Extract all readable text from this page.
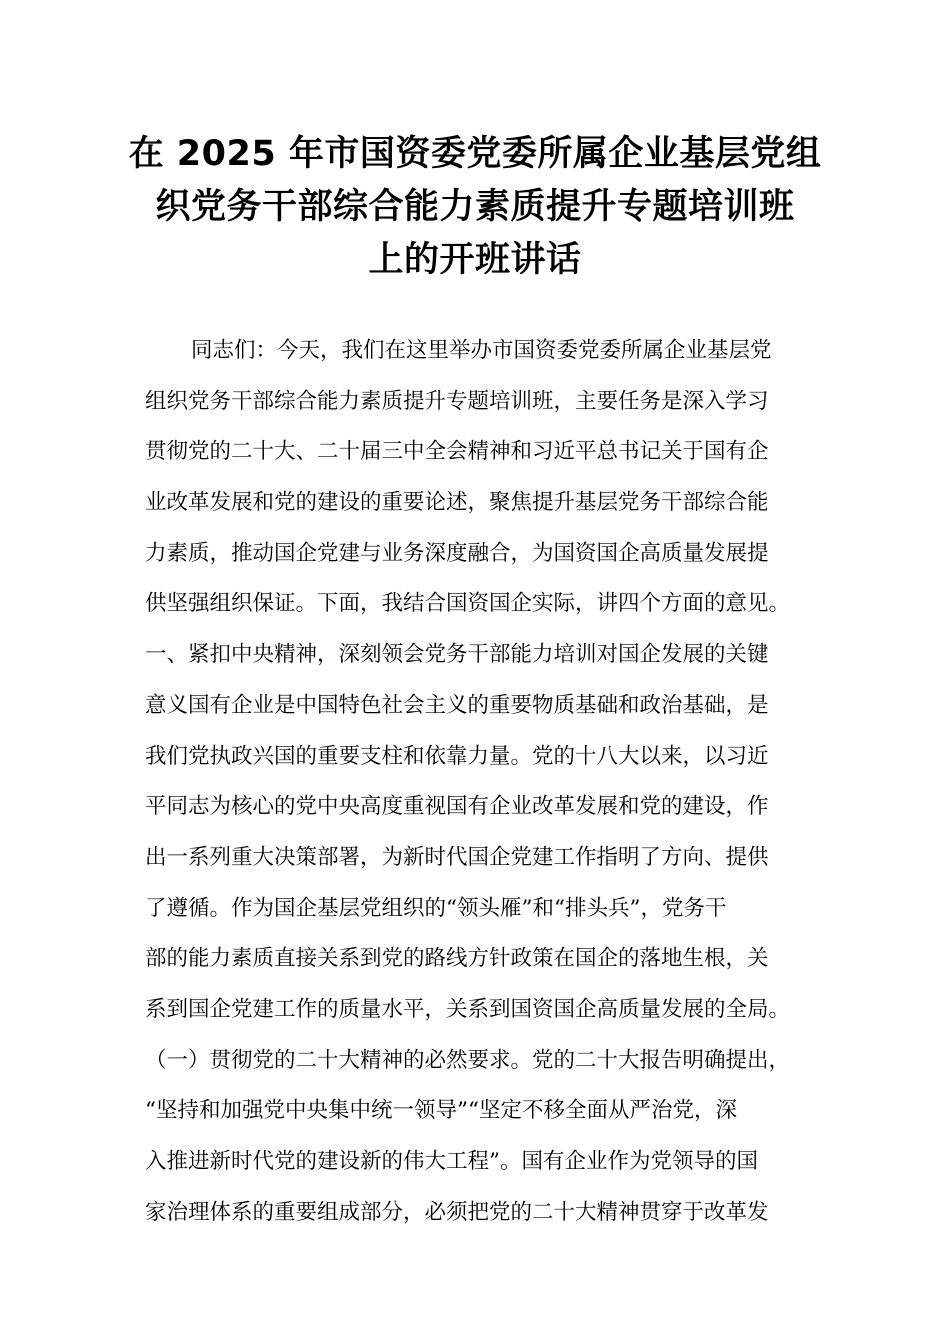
在 2025 年市国资委党委所属企业基层党组
织党务干部综合能力素质提升专题培训班
上的开班讲话
同志们：今天，我们在这里举办市国资委党委所属企业基层党
组织党务干部综合能力素质提升专题培训班，主要任务是深入学习
贯彻党的二十大、二十届三中全会精神和习近平总书记关于国有企
业改革发展和党的建设的重要论述，聚焦提升基层党务干部综合能
力素质，推动国企党建与业务深度融合，为国资国企高质量发展提
供坚强组织保证。下面，我结合国资国企实际，讲四个方面的意见。
一、紧扣中央精神，深刻领会党务干部能力培训对国企发展的关键
意义国有企业是中国特色社会主义的重要物质基础和政治基础，是
我们党执政兴国的重要支柱和依靠力量。党的十八大以来，以习近
平同志为核心的党中央高度重视国有企业改革发展和党的建设，作
出一系列重大决策部署，为新时代国企党建工作指明了方向、提供
了遵循。作为国企基层党组织的“领头雁”和“排头兵”，党务干
部的能力素质直接关系到党的路线方针政策在国企的落地生根，关
系到国企党建工作的质量水平，关系到国资国企高质量发展的全局。
（一）贯彻党的二十大精神的必然要求。党的二十大报告明确提出，
“坚持和加强党中央集中统一领导”“坚定不移全面从严治党，深
入推进新时代党的建设新的伟大工程”。国有企业作为党领导的国
家治理体系的重要组成部分，必须把党的二十大精神贯穿于改革发
